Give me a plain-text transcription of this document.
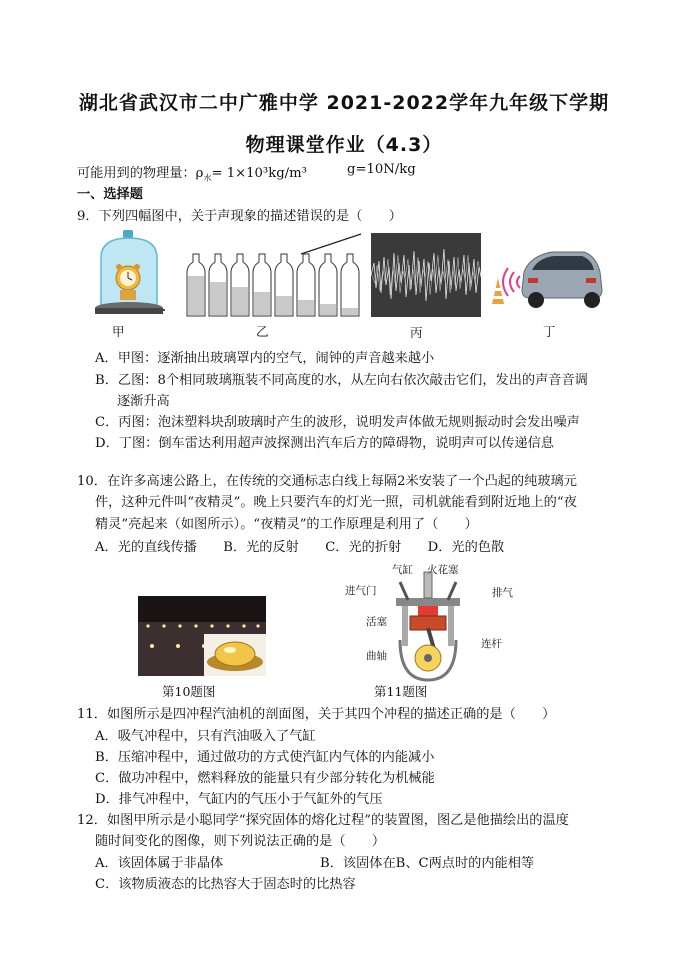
湖北省武汉市二中广雅中学 2021-2022学年九年级下学期
物理课堂作业（4.3）
可能用到的物理量：$\rho_水= 1\times 10^3kg/m^3$	g=10N/kg
一、选择题
9．下列四幅图中，关于声现象的描述错误的是（　　）
甲	乙	丙	丁
A．甲图：逐渐抽出玻璃罩内的空气，闹钟的声音越来越小
B．乙图：8个相同玻璃瓶装不同高度的水，从左向右依次敲击它们，发出的声音音调
逐渐升高
C．丙图：泡沫塑料块刮玻璃时产生的波形，说明发声体做无规则振动时会发出噪声
D．丁图：倒车雷达利用超声波探测出汽车后方的障碍物，说明声可以传递信息
10．在许多高速公路上，在传统的交通标志白线上每隔2米安装了一个凸起的纯玻璃元
件，这种元件叫“夜精灵”。晚上只要汽车的灯光一照，司机就能看到附近地上的“夜
精灵”亮起来（如图所示）。“夜精灵”的工作原理是利用了（　　）
A．光的直线传播　　B．光的反射　　C．光的折射　　D．光的色散
第10题图
气缸 火花塞
进气门	排气
活塞
连杆
曲轴
第11题图
11．如图所示是四冲程汽油机的剖面图，关于其四个冲程的描述正确的是（　　）
A．吸气冲程中，只有汽油吸入了气缸
B．压缩冲程中，通过做功的方式使汽缸内气体的内能减小
C．做功冲程中，燃料释放的能量只有少部分转化为机械能
D．排气冲程中，气缸内的气压小于气缸外的气压
12．如图甲所示是小聪同学“探究固体的熔化过程”的装置图，图乙是他描绘出的温度
随时间变化的图像，则下列说法正确的是（　　）
A．该固体属于非晶体	B．该固体在B、C两点时的内能相等
C．该物质液态的比热容大于固态时的比热容
